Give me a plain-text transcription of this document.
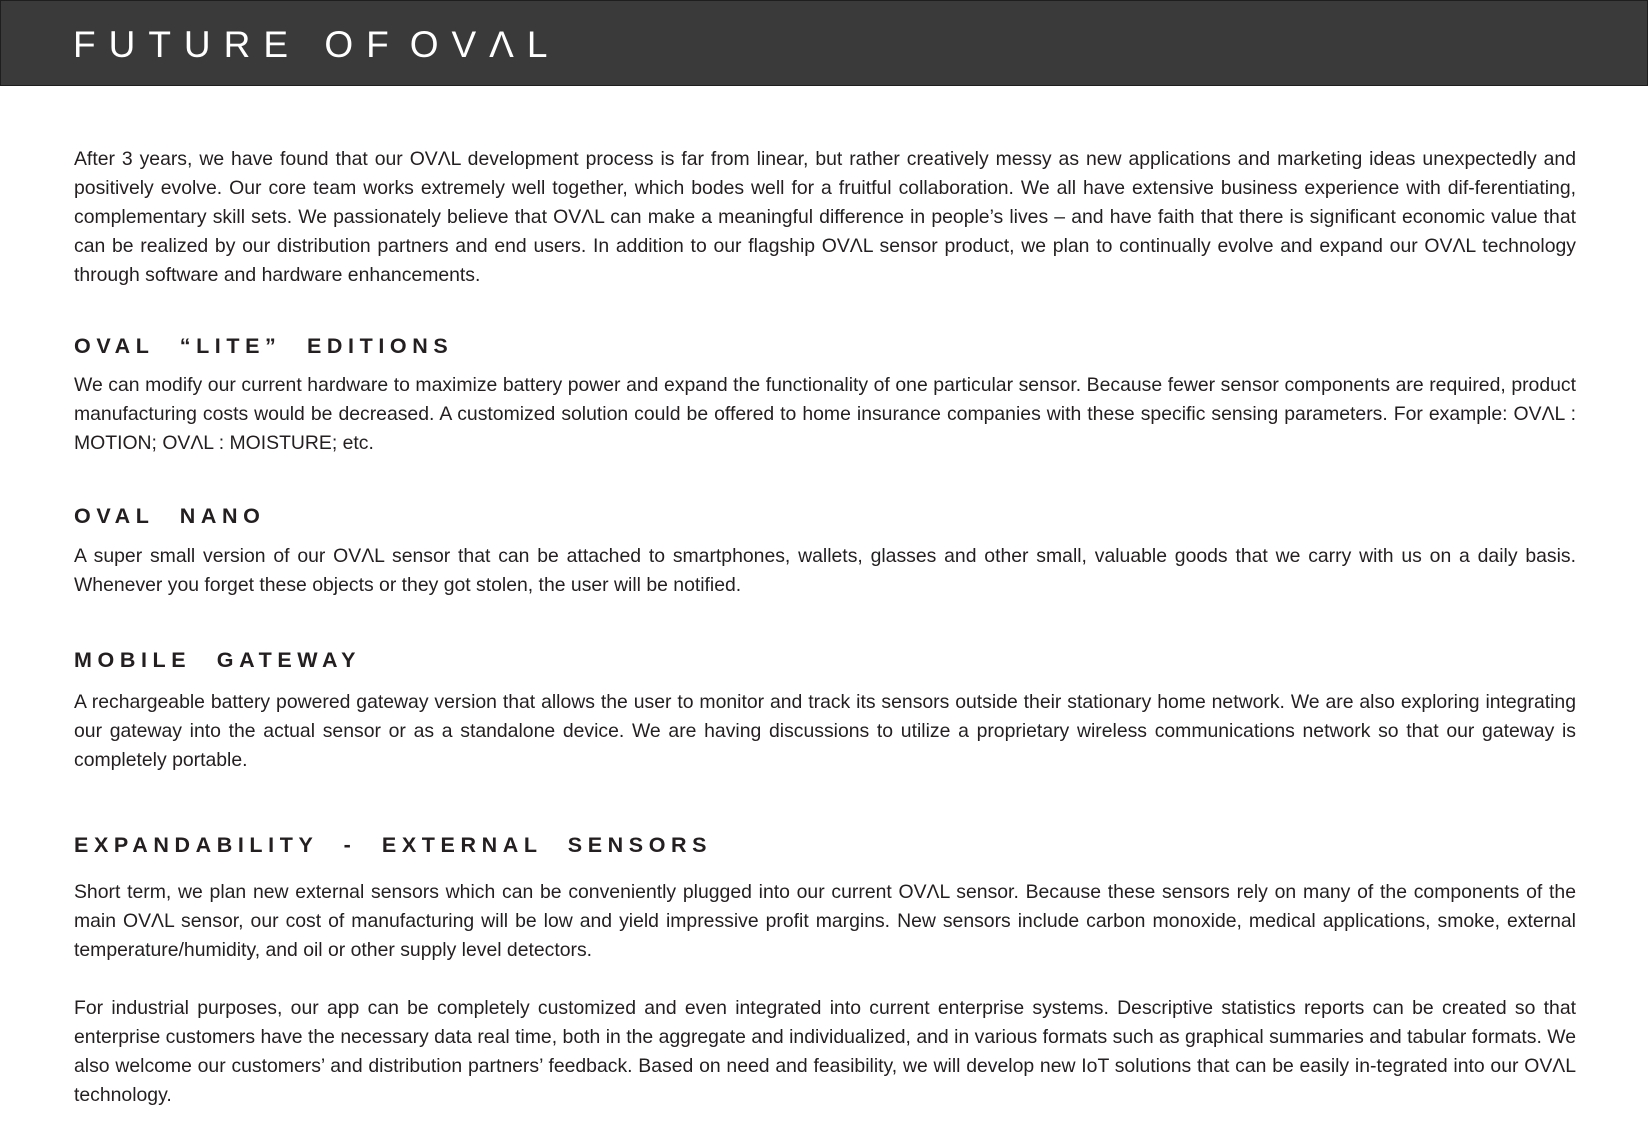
FUTURE OF ΟVΛL

After 3 years, we have found that our ΟVΛL development process is far from linear, but rather creatively messy as new applications and marketing ideas unexpectedly and positively evolve. Our core team works extremely well together, which bodes well for a fruitful collaboration. We all have extensive business experience with dif-ferentiating, complementary skill sets. We passionately believe that ΟVΛL can make a meaningful difference in people’s lives – and have faith that there is significant economic value that can be realized by our distribution partners and end users. In addition to our flagship ΟVΛL sensor product, we plan to continually evolve and expand our ΟVΛL technology through software and hardware enhancements.

OVAL “LITE” EDITIONS

We can modify our current hardware to maximize battery power and expand the functionality of one particular sensor. Because fewer sensor components are required, product manufacturing costs would be decreased. A customized solution could be offered to home insurance companies with these specific sensing parameters. For example: ΟVΛL : MOTION; ΟVΛL : MOISTURE; etc.

OVAL NANO

A super small version of our ΟVΛL sensor that can be attached to smartphones, wallets, glasses and other small, valuable goods that we carry with us on a daily basis. Whenever you forget these objects or they got stolen, the user will be notified.

MOBILE GATEWAY

A rechargeable battery powered gateway version that allows the user to monitor and track its sensors outside their stationary home network. We are also exploring integrating our gateway into the actual sensor or as a standalone device. We are having discussions to utilize a proprietary wireless communications network so that our gateway is completely portable.

EXPANDABILITY - EXTERNAL SENSORS

Short term, we plan new external sensors which can be conveniently plugged into our current ΟVΛL sensor. Because these sensors rely on many of the components of the main ΟVΛL sensor, our cost of manufacturing will be low and yield impressive profit margins. New sensors include carbon monoxide, medical applications, smoke, external temperature/humidity, and oil or other supply level detectors.

For industrial purposes, our app can be completely customized and even integrated into current enterprise systems. Descriptive statistics reports can be created so that enterprise customers have the necessary data real time, both in the aggregate and individualized, and in various formats such as graphical summaries and tabular formats. We also welcome our customers’ and distribution partners’ feedback. Based on need and feasibility, we will develop new IoT solutions that can be easily in-tegrated into our ΟVΛL technology.
